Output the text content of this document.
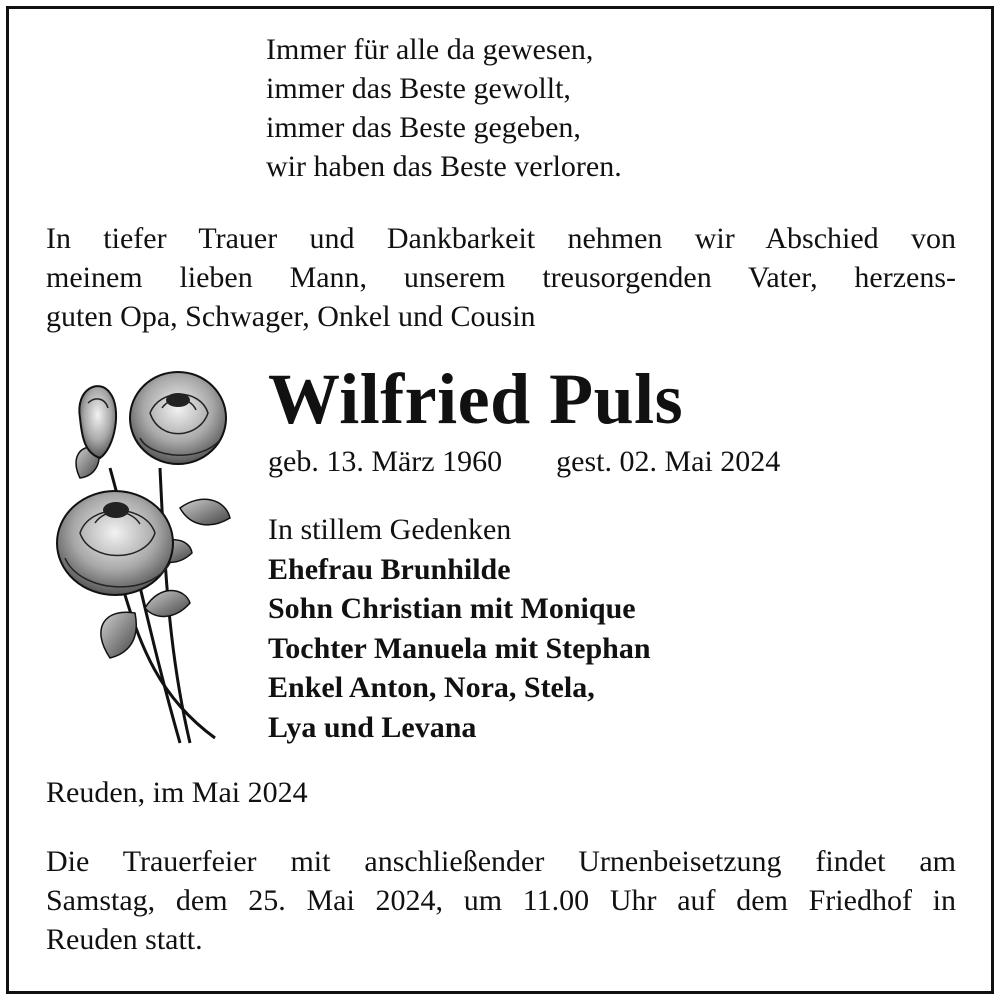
Immer für alle da gewesen,
immer das Beste gewollt,
immer das Beste gegeben,
wir haben das Beste verloren.
In tiefer Trauer und Dankbarkeit nehmen wir Abschied von
meinem lieben Mann, unserem treusorgenden Vater, herzens-
guten Opa, Schwager, Onkel und Cousin
Wilfried Puls
geb. 13. März 1960 gest. 02. Mai 2024
In stillem Gedenken
Ehefrau Brunhilde
Sohn Christian mit Monique
Tochter Manuela mit Stephan
Enkel Anton, Nora, Stela,
Lya und Levana
Reuden, im Mai 2024
Die Trauerfeier mit anschließender Urnenbeisetzung findet am
Samstag, dem 25. Mai 2024, um 11.00 Uhr auf dem Friedhof in
Reuden statt.
